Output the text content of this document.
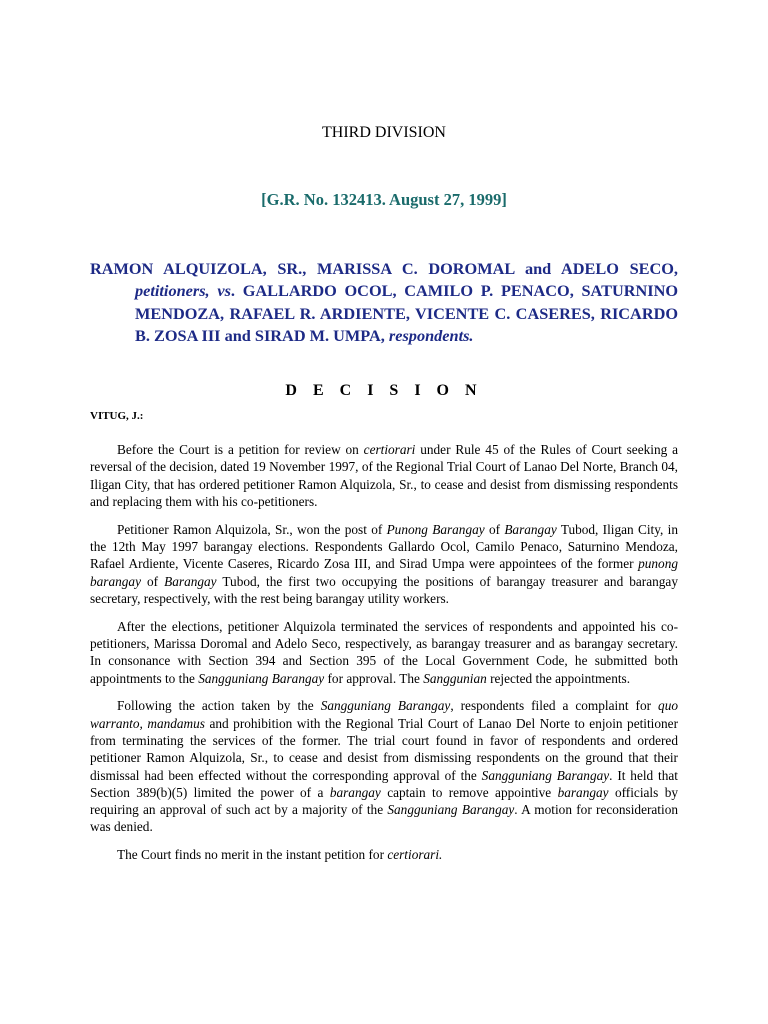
THIRD DIVISION
[G.R. No. 132413. August 27, 1999]
RAMON ALQUIZOLA, SR., MARISSA C. DOROMAL and ADELO SECO, petitioners, vs. GALLARDO OCOL, CAMILO P. PENACO, SATURNINO MENDOZA, RAFAEL R. ARDIENTE, VICENTE C. CASERES, RICARDO B. ZOSA III and SIRAD M. UMPA, respondents.
D E C I S I O N
VITUG, J.:

Before the Court is a petition for review on certiorari under Rule 45 of the Rules of Court seeking a reversal of the decision, dated 19 November 1997, of the Regional Trial Court of Lanao Del Norte, Branch 04, Iligan City, that has ordered petitioner Ramon Alquizola, Sr., to cease and desist from dismissing respondents and replacing them with his co-petitioners.

Petitioner Ramon Alquizola, Sr., won the post of Punong Barangay of Barangay Tubod, Iligan City, in the 12th May 1997 barangay elections. Respondents Gallardo Ocol, Camilo Penaco, Saturnino Mendoza, Rafael Ardiente, Vicente Caseres, Ricardo Zosa III, and Sirad Umpa were appointees of the former punong barangay of Barangay Tubod, the first two occupying the positions of barangay treasurer and barangay secretary, respectively, with the rest being barangay utility workers.

After the elections, petitioner Alquizola terminated the services of respondents and appointed his co-petitioners, Marissa Doromal and Adelo Seco, respectively, as barangay treasurer and as barangay secretary. In consonance with Section 394 and Section 395 of the Local Government Code, he submitted both appointments to the Sangguniang Barangay for approval. The Sanggunian rejected the appointments.

Following the action taken by the Sangguniang Barangay, respondents filed a complaint for quo warranto, mandamus and prohibition with the Regional Trial Court of Lanao Del Norte to enjoin petitioner from terminating the services of the former. The trial court found in favor of respondents and ordered petitioner Ramon Alquizola, Sr., to cease and desist from dismissing respondents on the ground that their dismissal had been effected without the corresponding approval of the Sangguniang Barangay. It held that Section 389(b)(5) limited the power of a barangay captain to remove appointive barangay officials by requiring an approval of such act by a majority of the Sangguniang Barangay. A motion for reconsideration was denied.

The Court finds no merit in the instant petition for certiorari.
